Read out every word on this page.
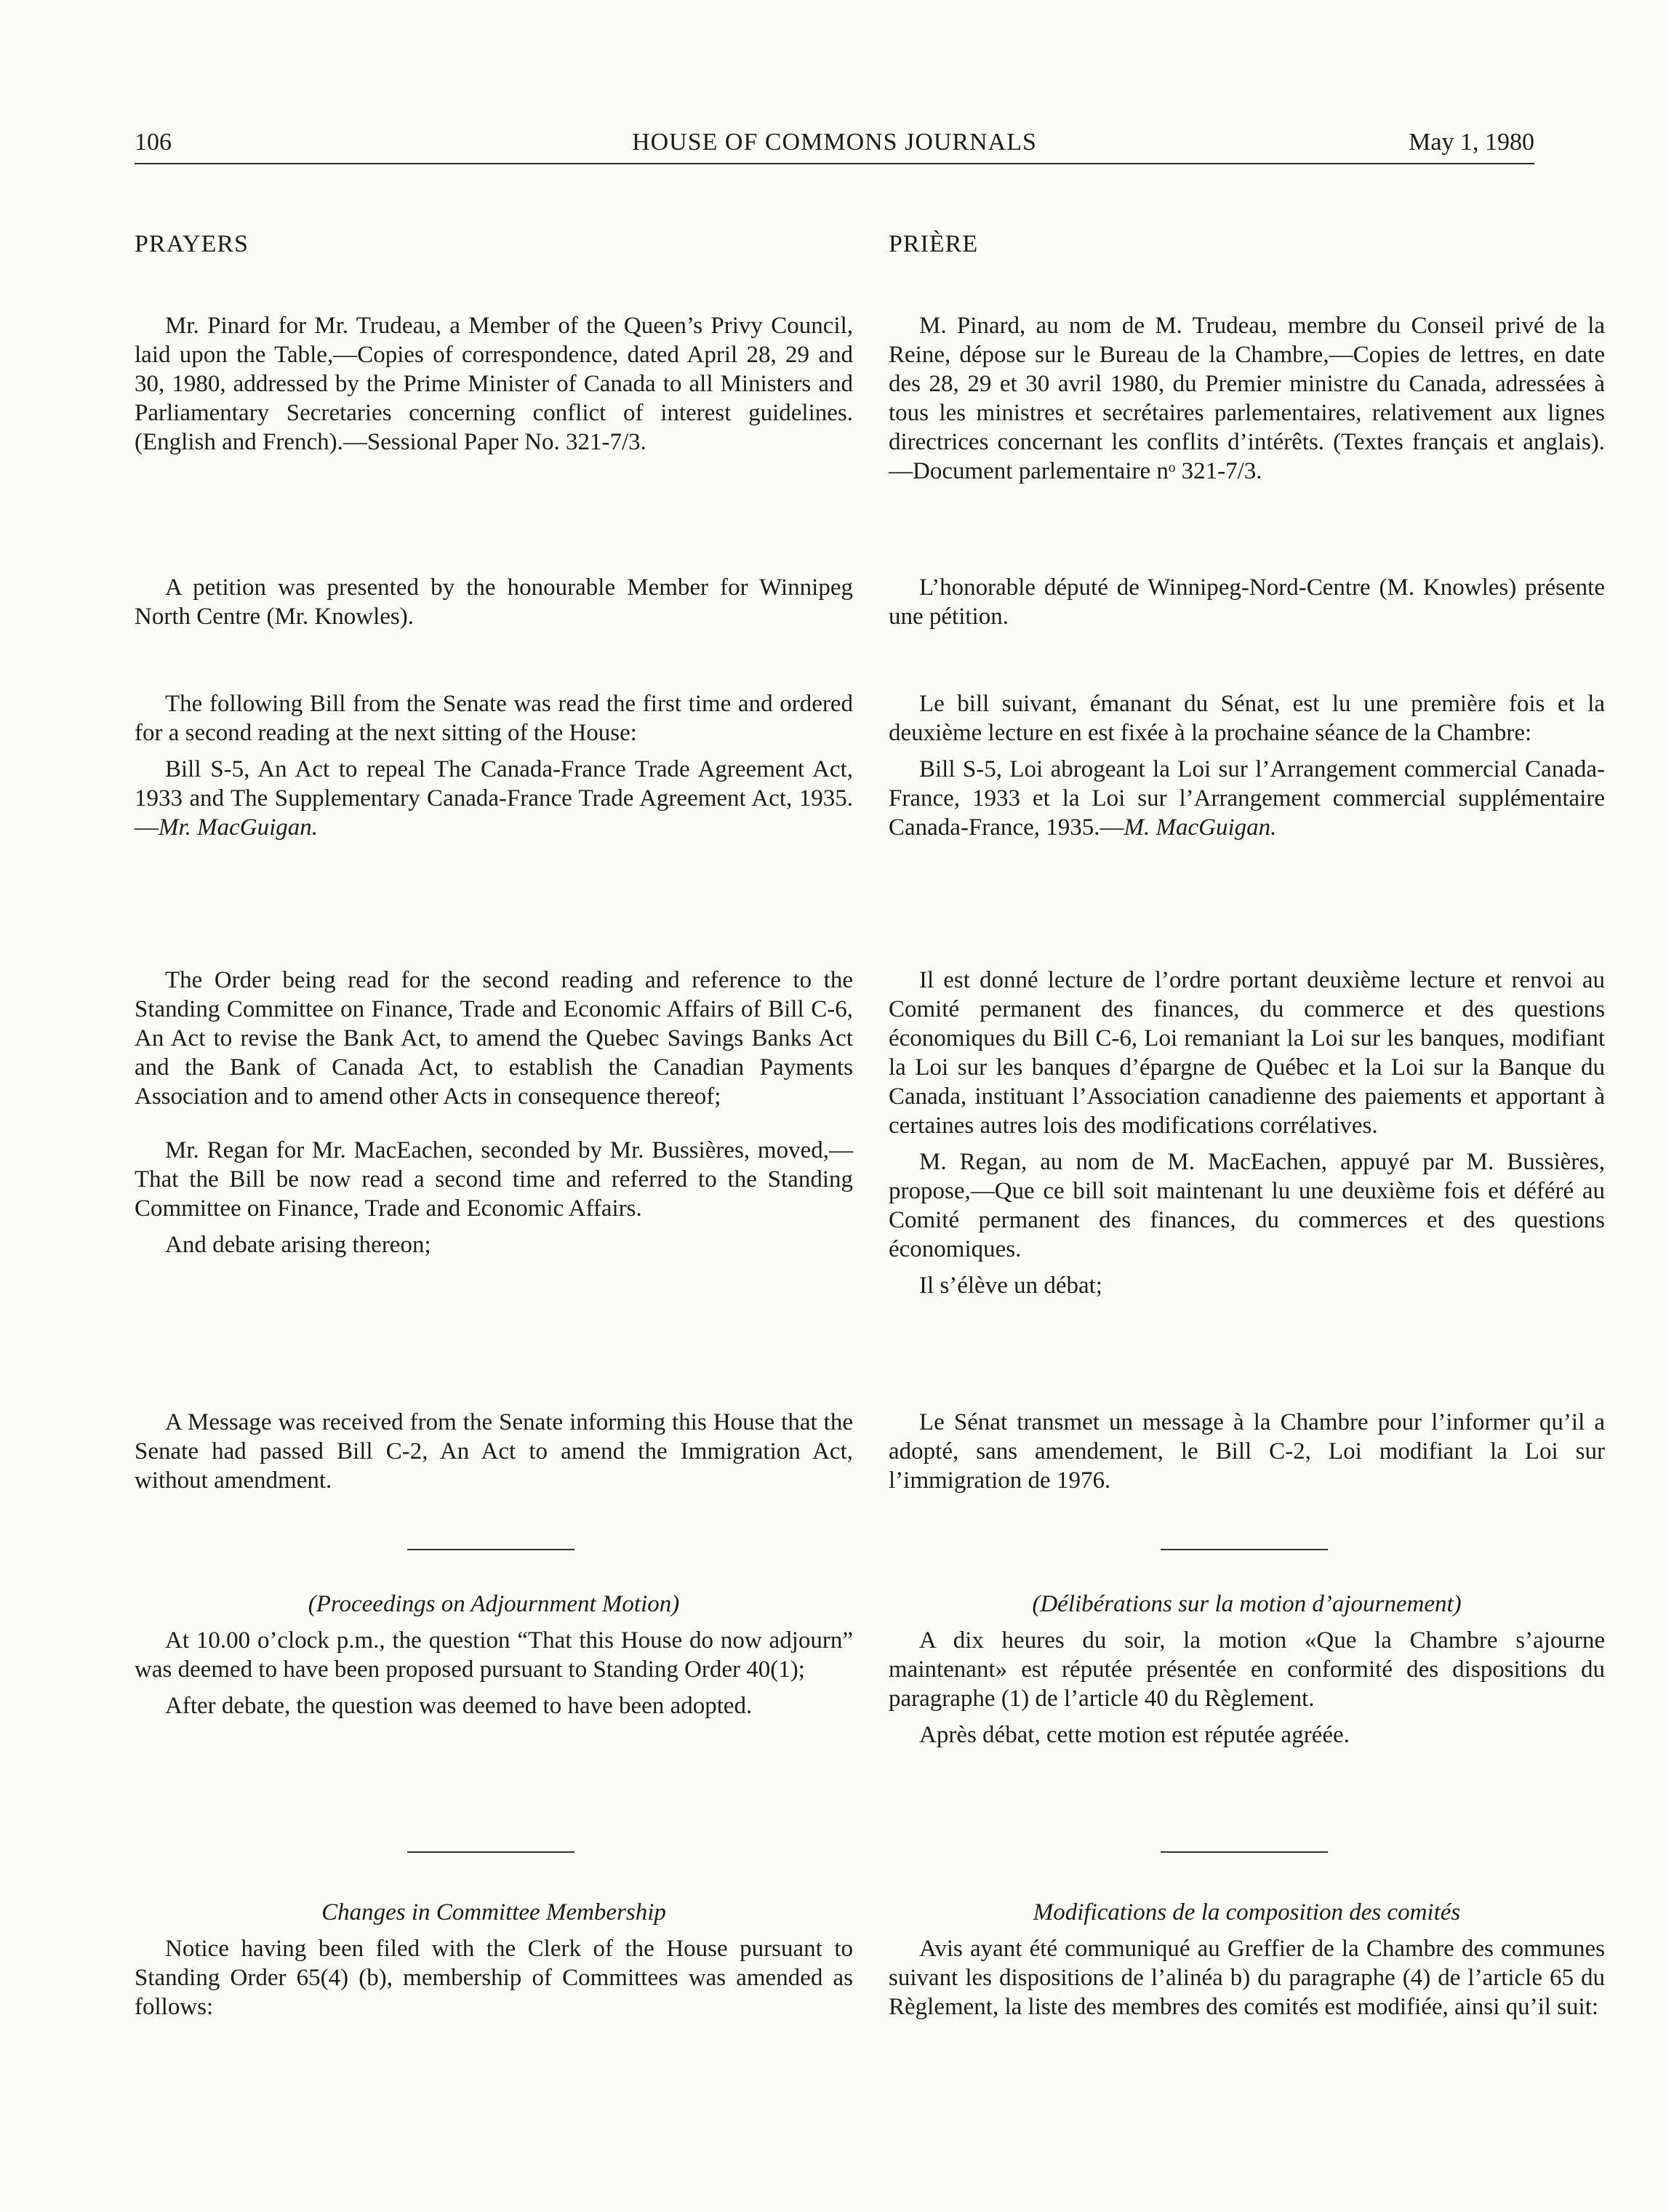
106	HOUSE OF COMMONS JOURNALS	May 1, 1980

PRAYERS	PRIÈRE

Mr. Pinard for Mr. Trudeau, a Member of the Queen’s Privy Council, laid upon the Table,—Copies of correspondence, dated April 28, 29 and 30, 1980, addressed by the Prime Minister of Canada to all Ministers and Parliamentary Secretaries concerning conflict of interest guidelines. (English and French).—Sessional Paper No. 321-7/3.

M. Pinard, au nom de M. Trudeau, membre du Conseil privé de la Reine, dépose sur le Bureau de la Chambre,—Copies de lettres, en date des 28, 29 et 30 avril 1980, du Premier ministre du Canada, adressées à tous les ministres et secrétaires parlementaires, relativement aux lignes directrices concernant les conflits d’intérêts. (Textes français et anglais).—Document parlementaire nᵒ 321-7/3.

A petition was presented by the honourable Member for Winnipeg North Centre (Mr. Knowles).

L’honorable député de Winnipeg-Nord-Centre (M. Knowles) présente une pétition.

The following Bill from the Senate was read the first time and ordered for a second reading at the next sitting of the House:

Bill S-5, An Act to repeal The Canada-France Trade Agreement Act, 1933 and The Supplementary Canada-France Trade Agreement Act, 1935.—Mr. MacGuigan.

Le bill suivant, émanant du Sénat, est lu une première fois et la deuxième lecture en est fixée à la prochaine séance de la Chambre:

Bill S-5, Loi abrogeant la Loi sur l’Arrangement commercial Canada-France, 1933 et la Loi sur l’Arrangement commercial supplémentaire Canada-France, 1935.—M. MacGuigan.

The Order being read for the second reading and reference to the Standing Committee on Finance, Trade and Economic Affairs of Bill C-6, An Act to revise the Bank Act, to amend the Quebec Savings Banks Act and the Bank of Canada Act, to establish the Canadian Payments Association and to amend other Acts in consequence thereof;

Mr. Regan for Mr. MacEachen, seconded by Mr. Bussières, moved,—That the Bill be now read a second time and referred to the Standing Committee on Finance, Trade and Economic Affairs.

And debate arising thereon;

Il est donné lecture de l’ordre portant deuxième lecture et renvoi au Comité permanent des finances, du commerce et des questions économiques du Bill C-6, Loi remaniant la Loi sur les banques, modifiant la Loi sur les banques d’épargne de Québec et la Loi sur la Banque du Canada, instituant l’Association canadienne des paiements et apportant à certaines autres lois des modifications corrélatives.

M. Regan, au nom de M. MacEachen, appuyé par M. Bussières, propose,—Que ce bill soit maintenant lu une deuxième fois et déféré au Comité permanent des finances, du commerces et des questions économiques.

Il s’élève un débat;

A Message was received from the Senate informing this House that the Senate had passed Bill C-2, An Act to amend the Immigration Act, without amendment.

Le Sénat transmet un message à la Chambre pour l’informer qu’il a adopté, sans amendement, le Bill C-2, Loi modifiant la Loi sur l’immigration de 1976.

(Proceedings on Adjournment Motion)

At 10.00 o’clock p.m., the question “That this House do now adjourn” was deemed to have been proposed pursuant to Standing Order 40(1);

After debate, the question was deemed to have been adopted.

(Délibérations sur la motion d’ajournement)

A dix heures du soir, la motion «Que la Chambre s’ajourne maintenant» est réputée présentée en conformité des dispositions du paragraphe (1) de l’article 40 du Règlement.

Après débat, cette motion est réputée agréée.

Changes in Committee Membership

Notice having been filed with the Clerk of the House pursuant to Standing Order 65(4) (b), membership of Committees was amended as follows:

Modifications de la composition des comités

Avis ayant été communiqué au Greffier de la Chambre des communes suivant les dispositions de l’alinéa b) du paragraphe (4) de l’article 65 du Règlement, la liste des membres des comités est modifiée, ainsi qu’il suit:
